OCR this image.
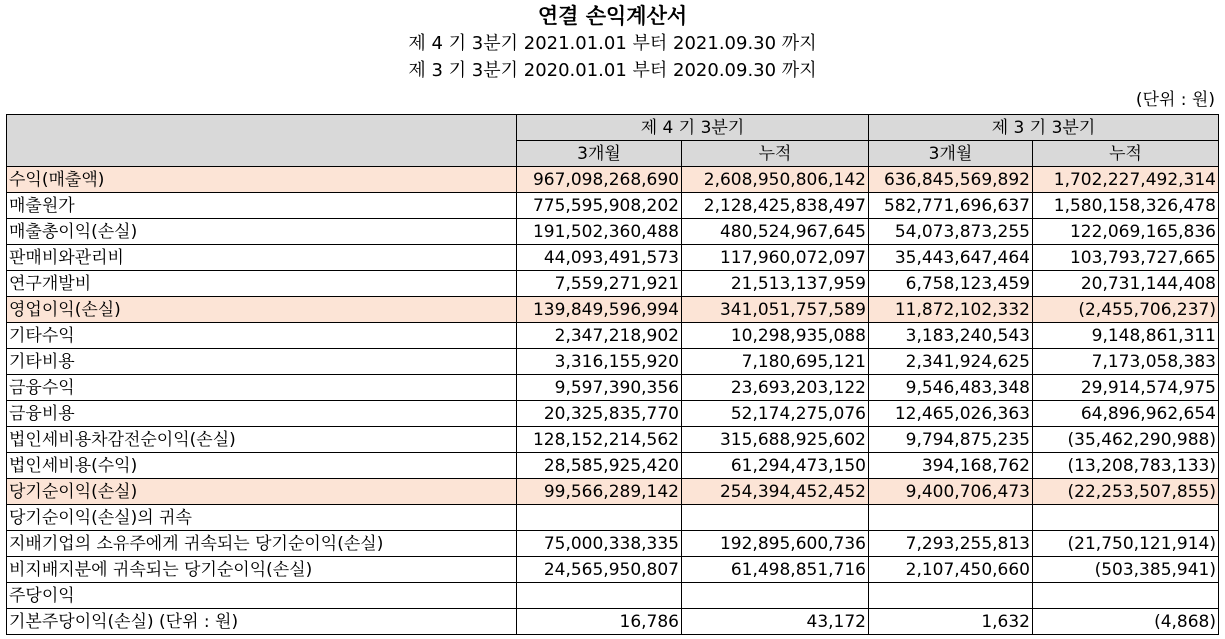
연결 손익계산서
제 4 기 3분기 2021.01.01 부터 2021.09.30 까지
제 3 기 3분기 2020.01.01 부터 2020.09.30 까지
(단위 : 원)
	제 4 기 3분기		제 3 기 3분기	
	3개월	누적	3개월	누적
수익(매출액)	967,098,268,690	2,608,950,806,142	636,845,569,892	1,702,227,492,314
매출원가	775,595,908,202	2,128,425,838,497	582,771,696,637	1,580,158,326,478
매출총이익(손실)	191,502,360,488	480,524,967,645	54,073,873,255	122,069,165,836
판매비와관리비	44,093,491,573	117,960,072,097	35,443,647,464	103,793,727,665
연구개발비	7,559,271,921	21,513,137,959	6,758,123,459	20,731,144,408
영업이익(손실)	139,849,596,994	341,051,757,589	11,872,102,332	(2,455,706,237)
기타수익	2,347,218,902	10,298,935,088	3,183,240,543	9,148,861,311
기타비용	3,316,155,920	7,180,695,121	2,341,924,625	7,173,058,383
금융수익	9,597,390,356	23,693,203,122	9,546,483,348	29,914,574,975
금융비용	20,325,835,770	52,174,275,076	12,465,026,363	64,896,962,654
법인세비용차감전순이익(손실)	128,152,214,562	315,688,925,602	9,794,875,235	(35,462,290,988)
법인세비용(수익)	28,585,925,420	61,294,473,150	394,168,762	(13,208,783,133)
당기순이익(손실)	99,566,289,142	254,394,452,452	9,400,706,473	(22,253,507,855)
당기순이익(손실)의 귀속				
지배기업의 소유주에게 귀속되는 당기순이익(손실)	75,000,338,335	192,895,600,736	7,293,255,813	(21,750,121,914)
비지배지분에 귀속되는 당기순이익(손실)	24,565,950,807	61,498,851,716	2,107,450,660	(503,385,941)
주당이익				
기본주당이익(손실) (단위 : 원)	16,786	43,172	1,632	(4,868)
